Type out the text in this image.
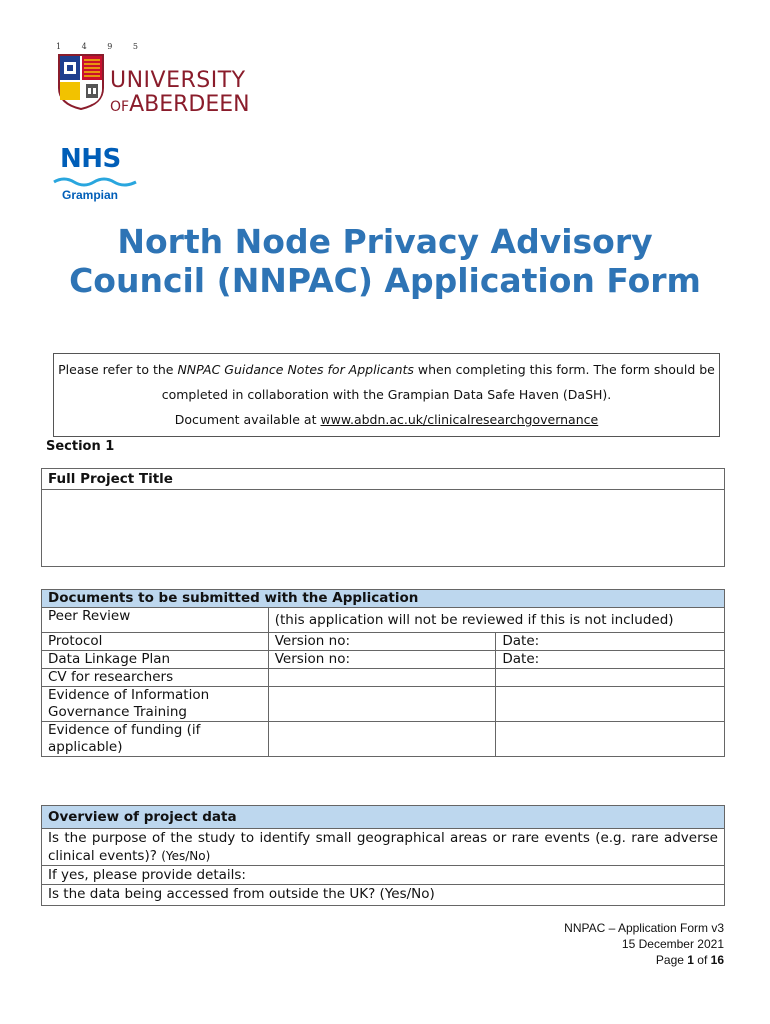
1 4 9 5
UNIVERSITY
OFABERDEEN
NHS
Grampian
North Node Privacy Advisory Council (NNPAC) Application Form
Please refer to the NNPAC Guidance Notes for Applicants when completing this form. The form should be completed in collaboration with the Grampian Data Safe Haven (DaSH).
Document available at www.abdn.ac.uk/clinicalresearchgovernance
Section 1
Full Project Title

Documents to be submitted with the Application		
Peer Review	(this application will not be reviewed if this is not included)	
Protocol	Version no:	Date:
Data Linkage Plan	Version no:	Date:
CV for researchers		
Evidence of Information Governance Training		
Evidence of funding (if applicable)		
Overview of project data
Is the purpose of the study to identify small geographical areas or rare events (e.g. rare adverse clinical events)? (Yes/No)
If yes, please provide details:
Is the data being accessed from outside the UK? (Yes/No)
NNPAC – Application Form v3
15 December 2021
Page 1 of 16
